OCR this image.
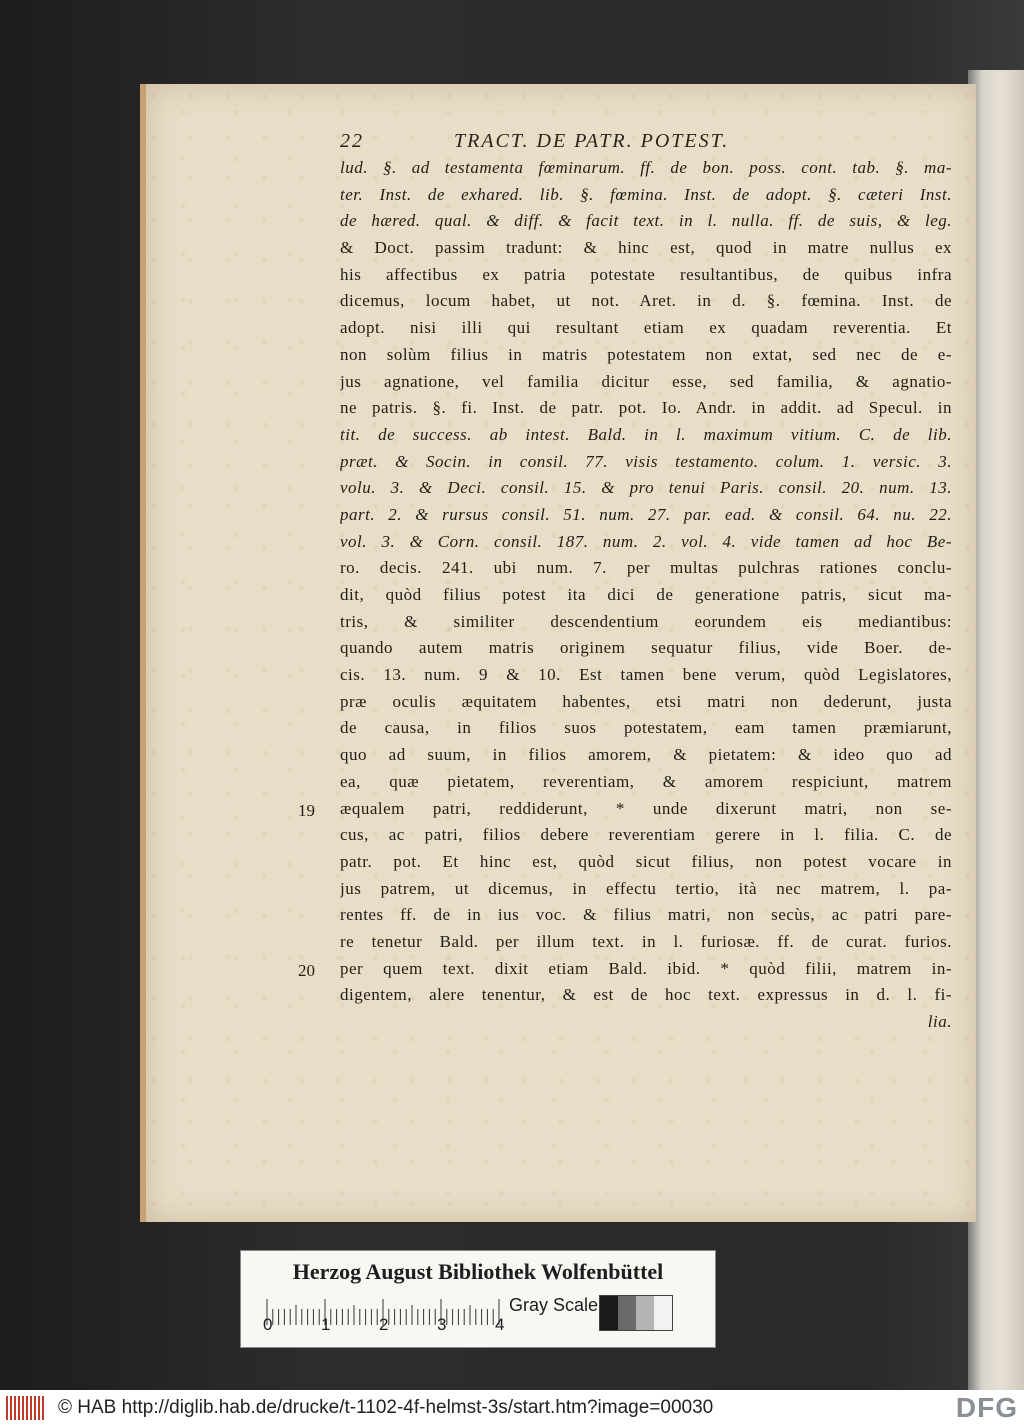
22	TRACT. DE PATR. POTEST.
lud. §. ad testamenta fœminarum. ff. de bon. poss. cont. tab. §. ma-
ter. Inst. de exhared. lib. §. fœmina. Inst. de adopt. §. cæteri Inst.
de hæred. qual. & diff. & facit text. in l. nulla. ff. de suis, & leg.
& Doct. passim tradunt: & hinc est, quod in matre nullus ex
his affectibus ex patria potestate resultantibus, de quibus infra
dicemus, locum habet, ut not. Aret. in d. §. fœmina. Inst. de
adopt. nisi illi qui resultant etiam ex quadam reverentia. Et
non solùm filius in matris potestatem non extat, sed nec de e-
jus agnatione, vel familia dicitur esse, sed familia, & agnatio-
ne patris. §. fi. Inst. de patr. pot. Io. Andr. in addit. ad Specul. in
tit. de success. ab intest. Bald. in l. maximum vitium. C. de lib.
præt. & Socin. in consil. 77. visis testamento. colum. 1. versic. 3.
volu. 3. & Deci. consil. 15. & pro tenui Paris. consil. 20. num. 13.
part. 2. & rursus consil. 51. num. 27. par. ead. & consil. 64. nu. 22.
vol. 3. & Corn. consil. 187. num. 2. vol. 4. vide tamen ad hoc Be-
ro. decis. 241. ubi num. 7. per multas pulchras rationes conclu-
dit, quòd filius potest ita dici de generatione patris, sicut ma-
tris, & similiter descendentium eorundem eis mediantibus:
quando autem matris originem sequatur filius, vide Boer. de-
cis. 13. num. 9 & 10. Est tamen bene verum, quòd Legislatores,
præ oculis æquitatem habentes, etsi matri non dederunt, justa
de causa, in filios suos potestatem, eam tamen præmiarunt,
quo ad suum, in filios amorem, & pietatem: & ideo quo ad
ea, quæ pietatem, reverentiam, & amorem respiciunt, matrem
æqualem patri, reddiderunt, * unde dixerunt matri, non se-
cus, ac patri, filios debere reverentiam gerere in l. filia. C. de
patr. pot. Et hinc est, quòd sicut filius, non potest vocare in
jus patrem, ut dicemus, in effectu tertio, ità nec matrem, l. pa-
rentes ff. de in ius voc. & filius matri, non secùs, ac patri pare-
re tenetur Bald. per illum text. in l. furiosæ. ff. de curat. furios.
per quem text. dixit etiam Bald. ibid. * quòd filii, matrem in-
digentem, alere tenentur, & est de hoc text. expressus in d. l. fi-
lia.
19
20
Herzog August Bibliothek Wolfenbüttel
0	1	2	3	4
Gray Scale
© HAB http://diglib.hab.de/drucke/t-1102-4f-helmst-3s/start.htm?image=00030	DFG
